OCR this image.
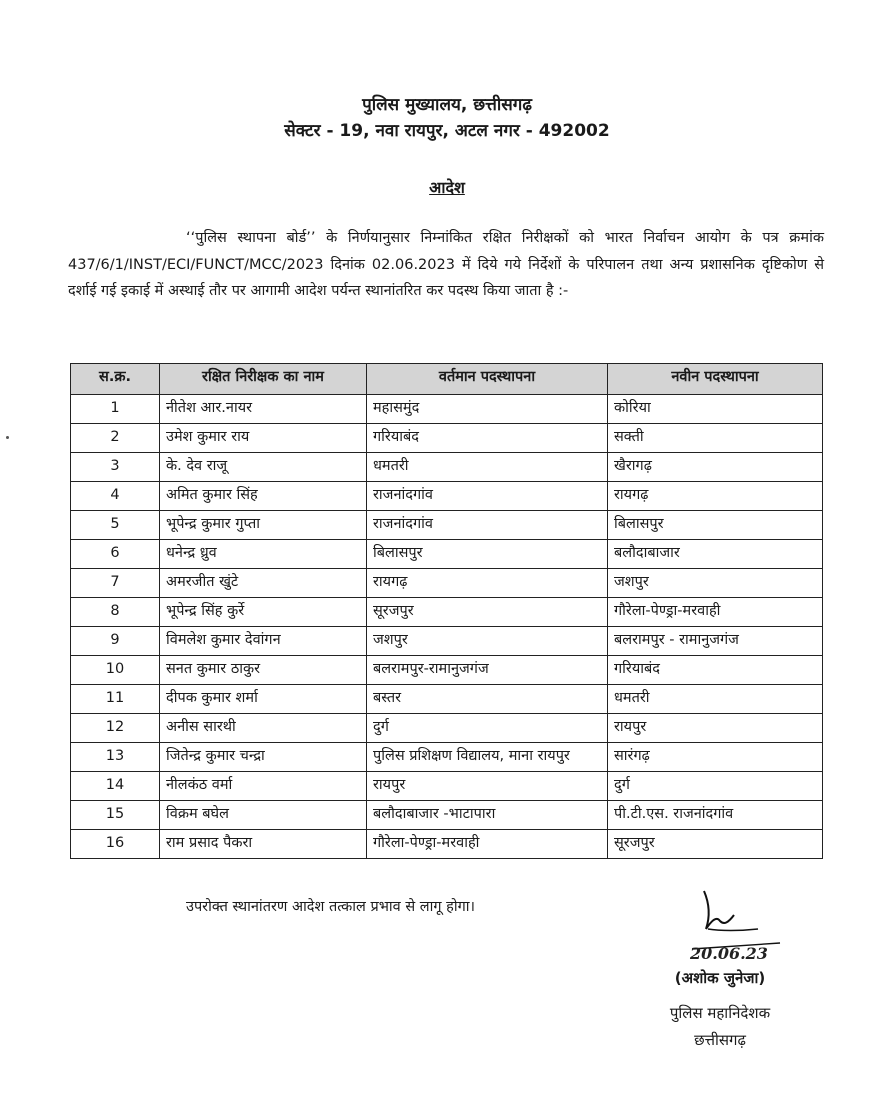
पुलिस मुख्यालय, छत्तीसगढ़
सेक्टर - 19, नवा रायपुर, अटल नगर - 492002
आदेश
‘‘पुलिस स्थापना बोर्ड’’ के निर्णयानुसार निम्नांकित रक्षित निरीक्षकों को भारत निर्वाचन आयोग के पत्र क्रमांक 437/6/1/INST/ECI/FUNCT/MCC/2023 दिनांक 02.06.2023 में दिये गये निर्देशों के परिपालन तथा अन्य प्रशासनिक दृष्टिकोण से दर्शाई गई इकाई में अस्थाई तौर पर आगामी आदेश पर्यन्त स्थानांतरित कर पदस्थ किया जाता है :-
स.क्र.	रक्षित निरीक्षक का नाम	वर्तमान पदस्थापना	नवीन पदस्थापना
1	नीतेश आर.नायर	महासमुंद	कोरिया
2	उमेश कुमार राय	गरियाबंद	सक्ती
3	के. देव राजू	धमतरी	खैरागढ़
4	अमित कुमार सिंह	राजनांदगांव	रायगढ़
5	भूपेन्द्र कुमार गुप्ता	राजनांदगांव	बिलासपुर
6	धनेन्द्र ध्रुव	बिलासपुर	बलौदाबाजार
7	अमरजीत खुंटे	रायगढ़	जशपुर
8	भूपेन्द्र सिंह कुर्रे	सूरजपुर	गौरेला-पेण्ड्रा-मरवाही
9	विमलेश कुमार देवांगन	जशपुर	बलरामपुर - रामानुजगंज
10	सनत कुमार ठाकुर	बलरामपुर-रामानुजगंज	गरियाबंद
11	दीपक कुमार शर्मा	बस्तर	धमतरी
12	अनीस सारथी	दुर्ग	रायपुर
13	जितेन्द्र कुमार चन्द्रा	पुलिस प्रशिक्षण विद्यालय, माना रायपुर	सारंगढ़
14	नीलकंठ वर्मा	रायपुर	दुर्ग
15	विक्रम बघेल	बलौदाबाजार -भाटापारा	पी.टी.एस. राजनांदगांव
16	राम प्रसाद पैकरा	गौरेला-पेण्ड्रा-मरवाही	सूरजपुर
उपरोक्त स्थानांतरण आदेश तत्काल प्रभाव से लागू होगा।
20.06.23
(अशोक जुनेजा)
पुलिस महानिदेशक
छत्तीसगढ़
